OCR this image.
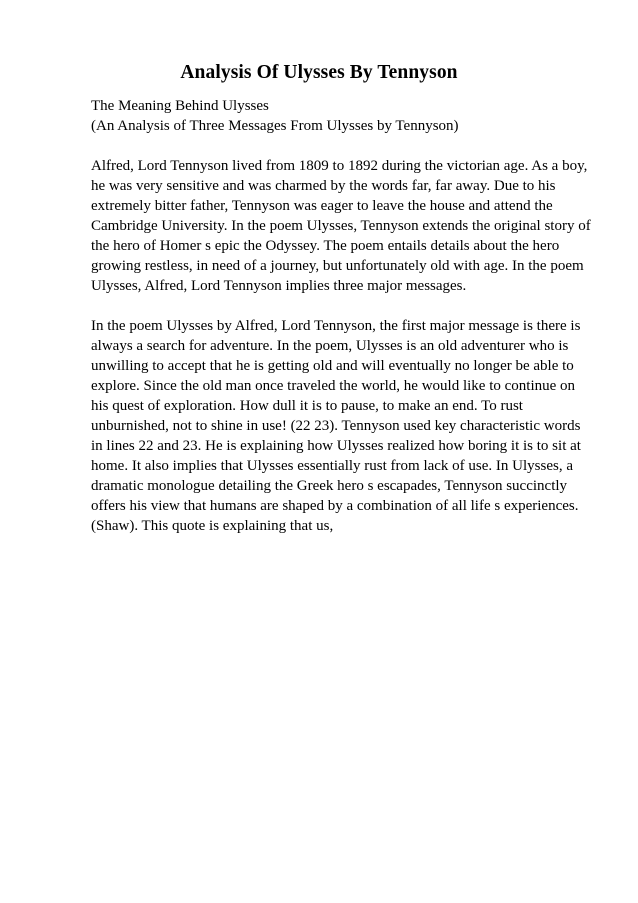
Analysis Of Ulysses By Tennyson
The Meaning Behind Ulysses
(An Analysis of Three Messages From Ulysses by Tennyson)
Alfred, Lord Tennyson lived from 1809 to 1892 during the victorian age. As a boy,
he was very sensitive and was charmed by the words far, far away. Due to his
extremely bitter father, Tennyson was eager to leave the house and attend the
Cambridge University. In the poem Ulysses, Tennyson extends the original story of
the hero of Homer s epic the Odyssey. The poem entails details about the hero
growing restless, in need of a journey, but unfortunately old with age. In the poem
Ulysses, Alfred, Lord Tennyson implies three major messages.
In the poem Ulysses by Alfred, Lord Tennyson, the first major message is there is
always a search for adventure. In the poem, Ulysses is an old adventurer who is
unwilling to accept that he is getting old and will eventually no longer be able to
explore. Since the old man once traveled the world, he would like to continue on
his quest of exploration. How dull it is to pause, to make an end. To rust
unburnished, not to shine in use! (22 23). Tennyson used key characteristic words
in lines 22 and 23. He is explaining how Ulysses realized how boring it is to sit at
home. It also implies that Ulysses essentially rust from lack of use. In Ulysses, a
dramatic monologue detailing the Greek hero s escapades, Tennyson succinctly
offers his view that humans are shaped by a combination of all life s experiences.
(Shaw). This quote is explaining that us,
